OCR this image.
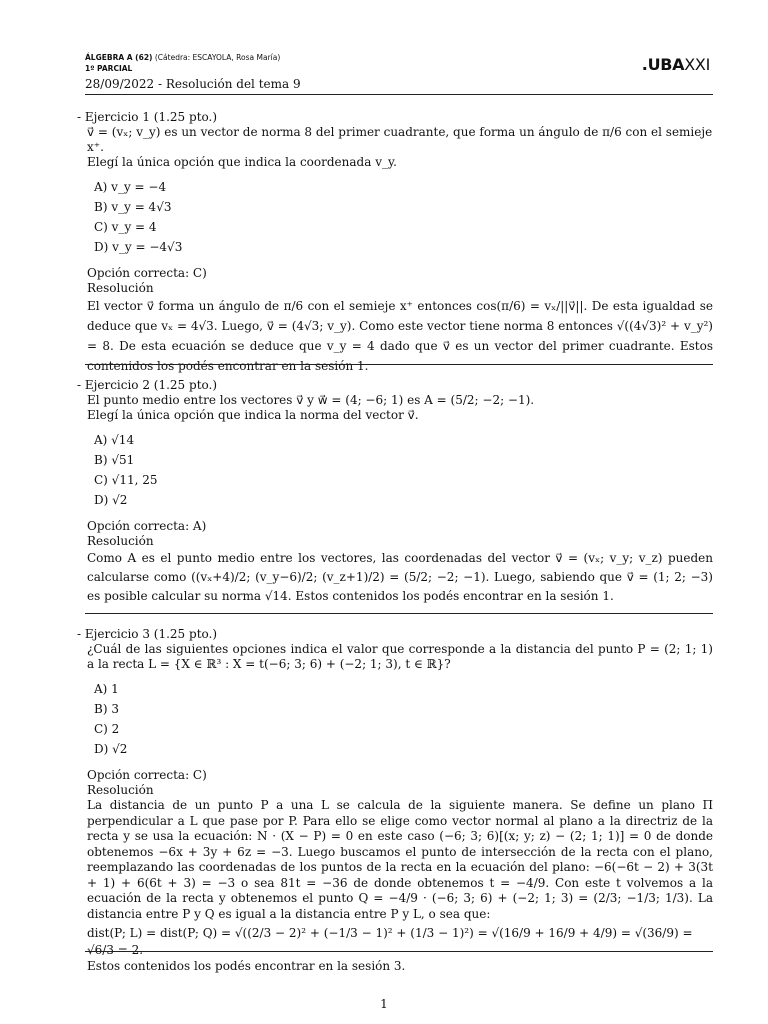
ÁLGEBRA A (62) (Cátedra: ESCAYOLA, Rosa María)
1º PARCIAL
28/09/2022 - Resolución del tema 9
.UBAXXI

- Ejercicio 1 (1.25 pto.)

v⃗ = (vₓ; v_y) es un vector de norma 8 del primer cuadrante, que forma un ángulo de π/6 con el semieje x⁺.

Elegí la única opción que indica la coordenada v_y.

A) v_y = −4
B) v_y = 4√3
C) v_y = 4
D) v_y = −4√3

Opción correcta: C)

Resolución

El vector v⃗ forma un ángulo de π/6 con el semieje x⁺ entonces cos(π/6) = vₓ/||v⃗||. De esta igualdad se deduce que vₓ = 4√3. Luego, v⃗ = (4√3; v_y). Como este vector tiene norma 8 entonces √((4√3)² + v_y²) = 8. De esta ecuación se deduce que v_y = 4 dado que v⃗ es un vector del primer cuadrante. Estos contenidos los podés encontrar en la sesión 1.

- Ejercicio 2 (1.25 pto.)

El punto medio entre los vectores v⃗ y w⃗ = (4; −6; 1) es A = (5/2; −2; −1).

Elegí la única opción que indica la norma del vector v⃗.

A) √14
B) √51
C) √11, 25
D) √2

Opción correcta: A)

Resolución

Como A es el punto medio entre los vectores, las coordenadas del vector v⃗ = (vₓ; v_y; v_z) pueden calcularse como ((vₓ+4)/2; (v_y−6)/2; (v_z+1)/2) = (5/2; −2; −1). Luego, sabiendo que v⃗ = (1; 2; −3) es posible calcular su norma √14. Estos contenidos los podés encontrar en la sesión 1.

- Ejercicio 3 (1.25 pto.)

¿Cuál de las siguientes opciones indica el valor que corresponde a la distancia del punto P = (2; 1; 1) a la recta L = {X ∈ ℝ³ : X = t(−6; 3; 6) + (−2; 1; 3), t ∈ ℝ}?

A) 1
B) 3
C) 2
D) √2

Opción correcta: C)

Resolución

La distancia de un punto P a una L se calcula de la siguiente manera. Se define un plano Π perpendicular a L que pase por P. Para ello se elige como vector normal al plano a la directriz de la recta y se usa la ecuación: N · (X − P) = 0 en este caso (−6; 3; 6)[(x; y; z) − (2; 1; 1)] = 0 de donde obtenemos −6x + 3y + 6z = −3. Luego buscamos el punto de intersección de la recta con el plano, reemplazando las coordenadas de los puntos de la recta en la ecuación del plano: −6(−6t − 2) + 3(3t + 1) + 6(6t + 3) = −3 o sea 81t = −36 de donde obtenemos t = −4/9. Con este t volvemos a la ecuación de la recta y obtenemos el punto Q = −4/9 · (−6; 3; 6) + (−2; 1; 3) = (2/3; −1/3; 1/3). La distancia entre P y Q es igual a la distancia entre P y L, o sea que:

dist(P; L) = dist(P; Q) = √((2/3 − 2)² + (−1/3 − 1)² + (1/3 − 1)²) = √(16/9 + 16/9 + 4/9) = √(36/9) = √6/3 = 2.

Estos contenidos los podés encontrar en la sesión 3.

1
